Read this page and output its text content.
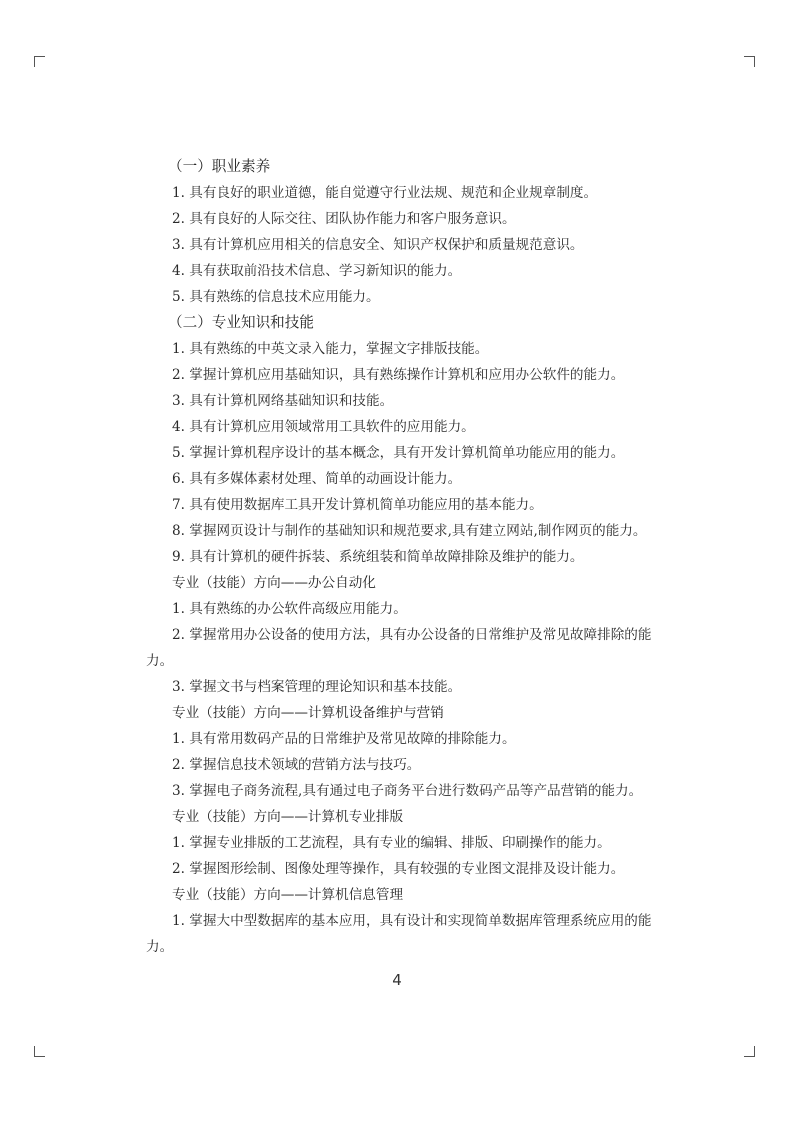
（一）职业素养
1. 具有良好的职业道德，能自觉遵守行业法规、规范和企业规章制度。
2. 具有良好的人际交往、团队协作能力和客户服务意识。
3. 具有计算机应用相关的信息安全、知识产权保护和质量规范意识。
4. 具有获取前沿技术信息、学习新知识的能力。
5. 具有熟练的信息技术应用能力。
（二）专业知识和技能
1. 具有熟练的中英文录入能力，掌握文字排版技能。
2. 掌握计算机应用基础知识，具有熟练操作计算机和应用办公软件的能力。
3. 具有计算机网络基础知识和技能。
4. 具有计算机应用领域常用工具软件的应用能力。
5. 掌握计算机程序设计的基本概念，具有开发计算机简单功能应用的能力。
6. 具有多媒体素材处理、简单的动画设计能力。
7. 具有使用数据库工具开发计算机简单功能应用的基本能力。
8. 掌握网页设计与制作的基础知识和规范要求,具有建立网站,制作网页的能力。
9. 具有计算机的硬件拆装、系统组装和简单故障排除及维护的能力。
专业（技能）方向——办公自动化
1. 具有熟练的办公软件高级应用能力。
2. 掌握常用办公设备的使用方法，具有办公设备的日常维护及常见故障排除的能力。
3. 掌握文书与档案管理的理论知识和基本技能。
专业（技能）方向——计算机设备维护与营销
1. 具有常用数码产品的日常维护及常见故障的排除能力。
2. 掌握信息技术领域的营销方法与技巧。
3. 掌握电子商务流程,具有通过电子商务平台进行数码产品等产品营销的能力。
专业（技能）方向——计算机专业排版
1. 掌握专业排版的工艺流程，具有专业的编辑、排版、印刷操作的能力。
2. 掌握图形绘制、图像处理等操作，具有较强的专业图文混排及设计能力。
专业（技能）方向——计算机信息管理
1. 掌握大中型数据库的基本应用，具有设计和实现简单数据库管理系统应用的能力。
4
